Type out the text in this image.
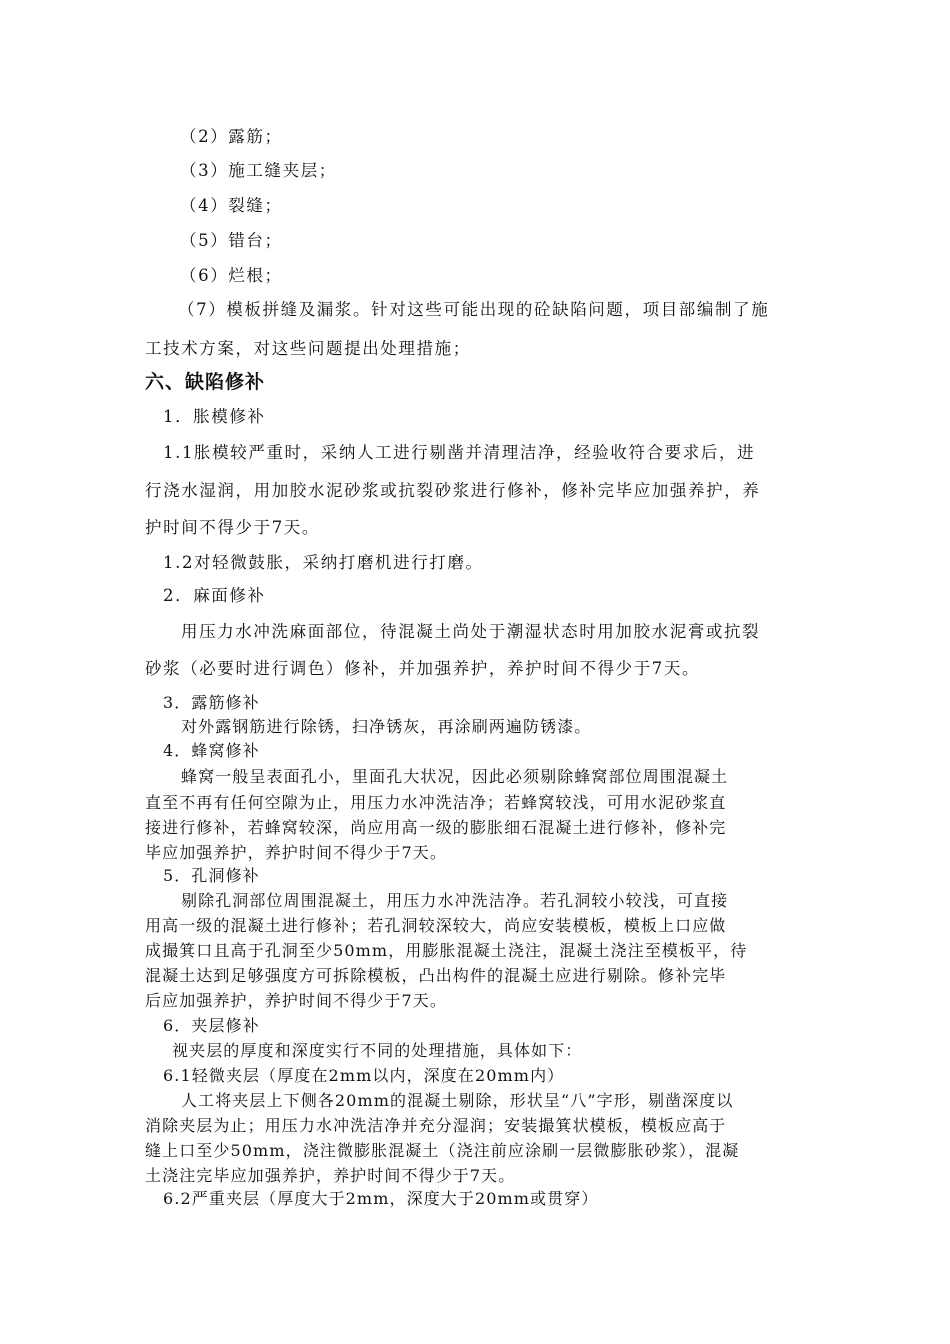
（2）露筋；
（3）施工缝夹层；
（4）裂缝；
（5）错台；
（6）烂根；
（7）模板拼缝及漏浆。针对这些可能出现的砼缺陷问题，项目部编制了施
工技术方案，对这些问题提出处理措施；
六、缺陷修补
1．胀模修补
1.1胀模较严重时，采纳人工进行剔凿并清理洁净，经验收符合要求后，进
行浇水湿润，用加胶水泥砂浆或抗裂砂浆进行修补，修补完毕应加强养护，养
护时间不得少于7天。
1.2对轻微鼓胀，采纳打磨机进行打磨。
2．麻面修补
用压力水冲洗麻面部位，待混凝土尚处于潮湿状态时用加胶水泥膏或抗裂
砂浆（必要时进行调色）修补，并加强养护，养护时间不得少于7天。
3．露筋修补
对外露钢筋进行除锈，扫净锈灰，再涂刷两遍防锈漆。
4．蜂窝修补
蜂窝一般呈表面孔小，里面孔大状况，因此必须剔除蜂窝部位周围混凝土
直至不再有任何空隙为止，用压力水冲洗洁净；若蜂窝较浅，可用水泥砂浆直
接进行修补，若蜂窝较深，尚应用高一级的膨胀细石混凝土进行修补，修补完
毕应加强养护，养护时间不得少于7天。
5．孔洞修补
剔除孔洞部位周围混凝土，用压力水冲洗洁净。若孔洞较小较浅，可直接
用高一级的混凝土进行修补；若孔洞较深较大，尚应安装模板，模板上口应做
成撮箕口且高于孔洞至少50mm，用膨胀混凝土浇注，混凝土浇注至模板平，待
混凝土达到足够强度方可拆除模板，凸出构件的混凝土应进行剔除。修补完毕
后应加强养护，养护时间不得少于7天。
6．夹层修补
视夹层的厚度和深度实行不同的处理措施，具体如下：
6.1轻微夹层（厚度在2mm以内，深度在20mm内）
人工将夹层上下侧各20mm的混凝土剔除，形状呈“八”字形，剔凿深度以
消除夹层为止；用压力水冲洗洁净并充分湿润；安装撮箕状模板，模板应高于
缝上口至少50mm，浇注微膨胀混凝土（浇注前应涂刷一层微膨胀砂浆），混凝
土浇注完毕应加强养护，养护时间不得少于7天。
6.2严重夹层（厚度大于2mm，深度大于20mm或贯穿）
